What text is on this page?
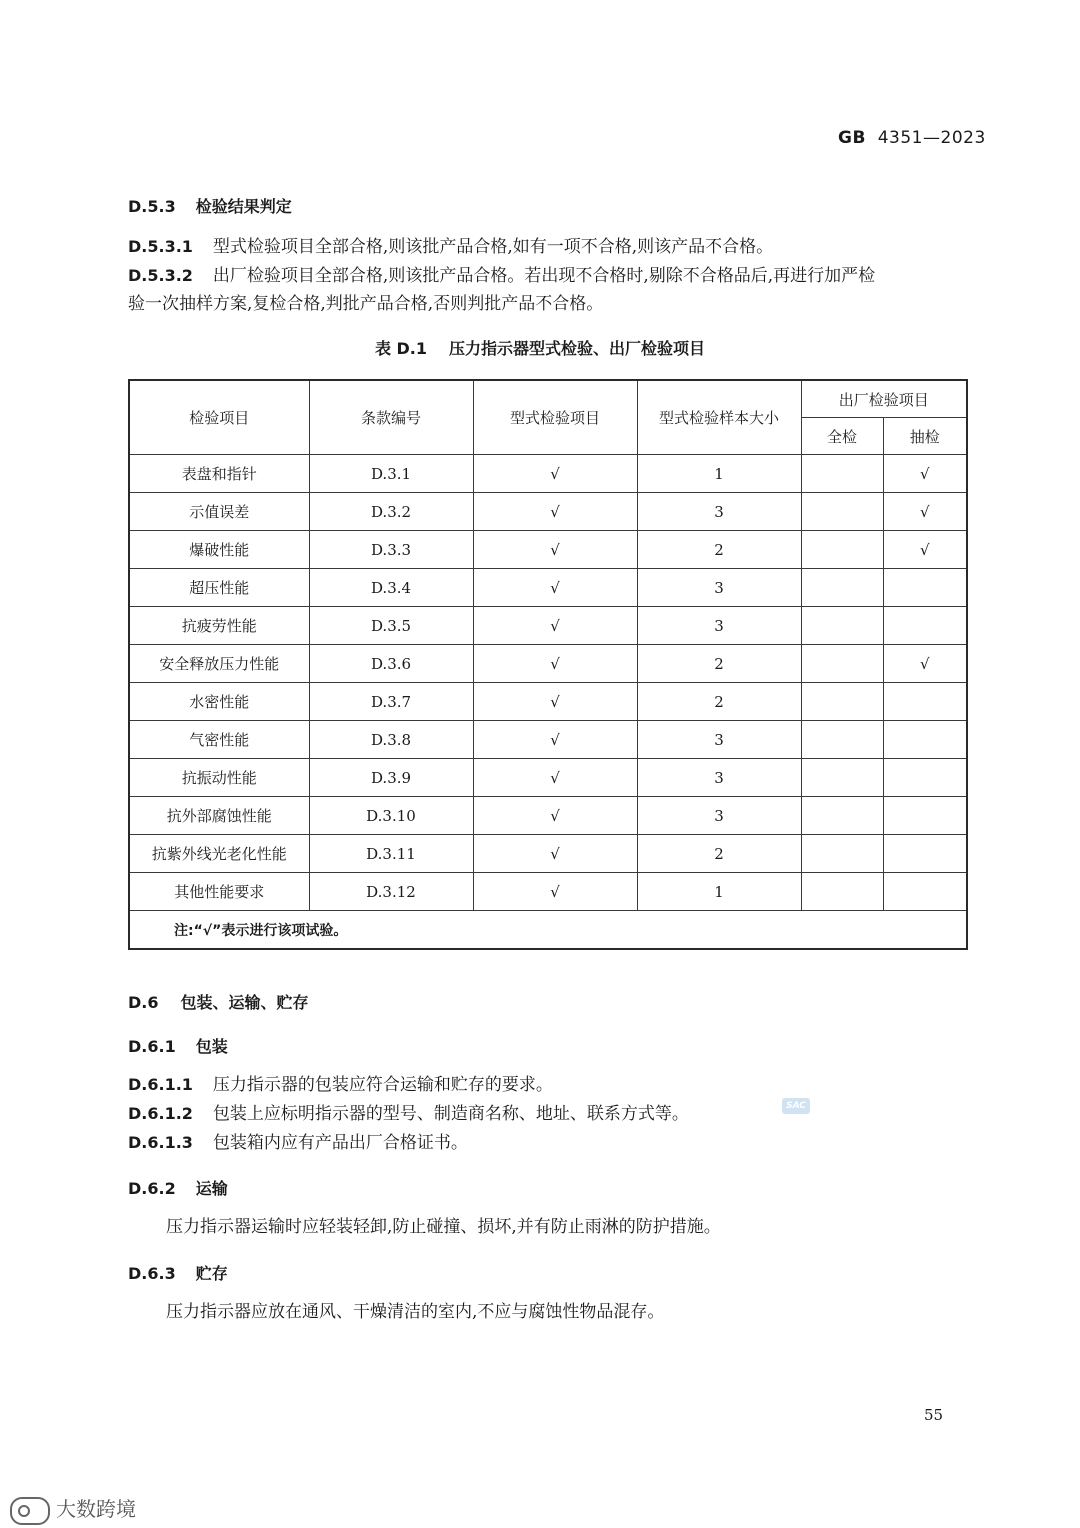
GB 4351—2023
D.5.3 检验结果判定
D.5.3.1 型式检验项目全部合格,则该批产品合格,如有一项不合格,则该产品不合格。
D.5.3.2 出厂检验项目全部合格,则该批产品合格。若出现不合格时,剔除不合格品后,再进行加严检
验一次抽样方案,复检合格,判批产品合格,否则判批产品不合格。
表 D.1 压力指示器型式检验、出厂检验项目
检验项目	条款编号	型式检验项目	型式检验样本大小	出厂检验项目	
				全检	抽检
表盘和指针	D.3.1	√	1		√
示值误差	D.3.2	√	3		√
爆破性能	D.3.3	√	2		√
超压性能	D.3.4	√	3		
抗疲劳性能	D.3.5	√	3		
安全释放压力性能	D.3.6	√	2		√
水密性能	D.3.7	√	2		
气密性能	D.3.8	√	3		
抗振动性能	D.3.9	√	3		
抗外部腐蚀性能	D.3.10	√	3		
抗紫外线光老化性能	D.3.11	√	2		
其他性能要求	D.3.12	√	1		
注:“√”表示进行该项试验。					
D.6 包装、运输、贮存
D.6.1 包装
D.6.1.1 压力指示器的包装应符合运输和贮存的要求。
D.6.1.2 包装上应标明指示器的型号、制造商名称、地址、联系方式等。
D.6.1.3 包装箱内应有产品出厂合格证书。
SAC
D.6.2 运输
压力指示器运输时应轻装轻卸,防止碰撞、损坏,并有防止雨淋的防护措施。
D.6.3 贮存
压力指示器应放在通风、干燥清洁的室内,不应与腐蚀性物品混存。
55
大数跨境
